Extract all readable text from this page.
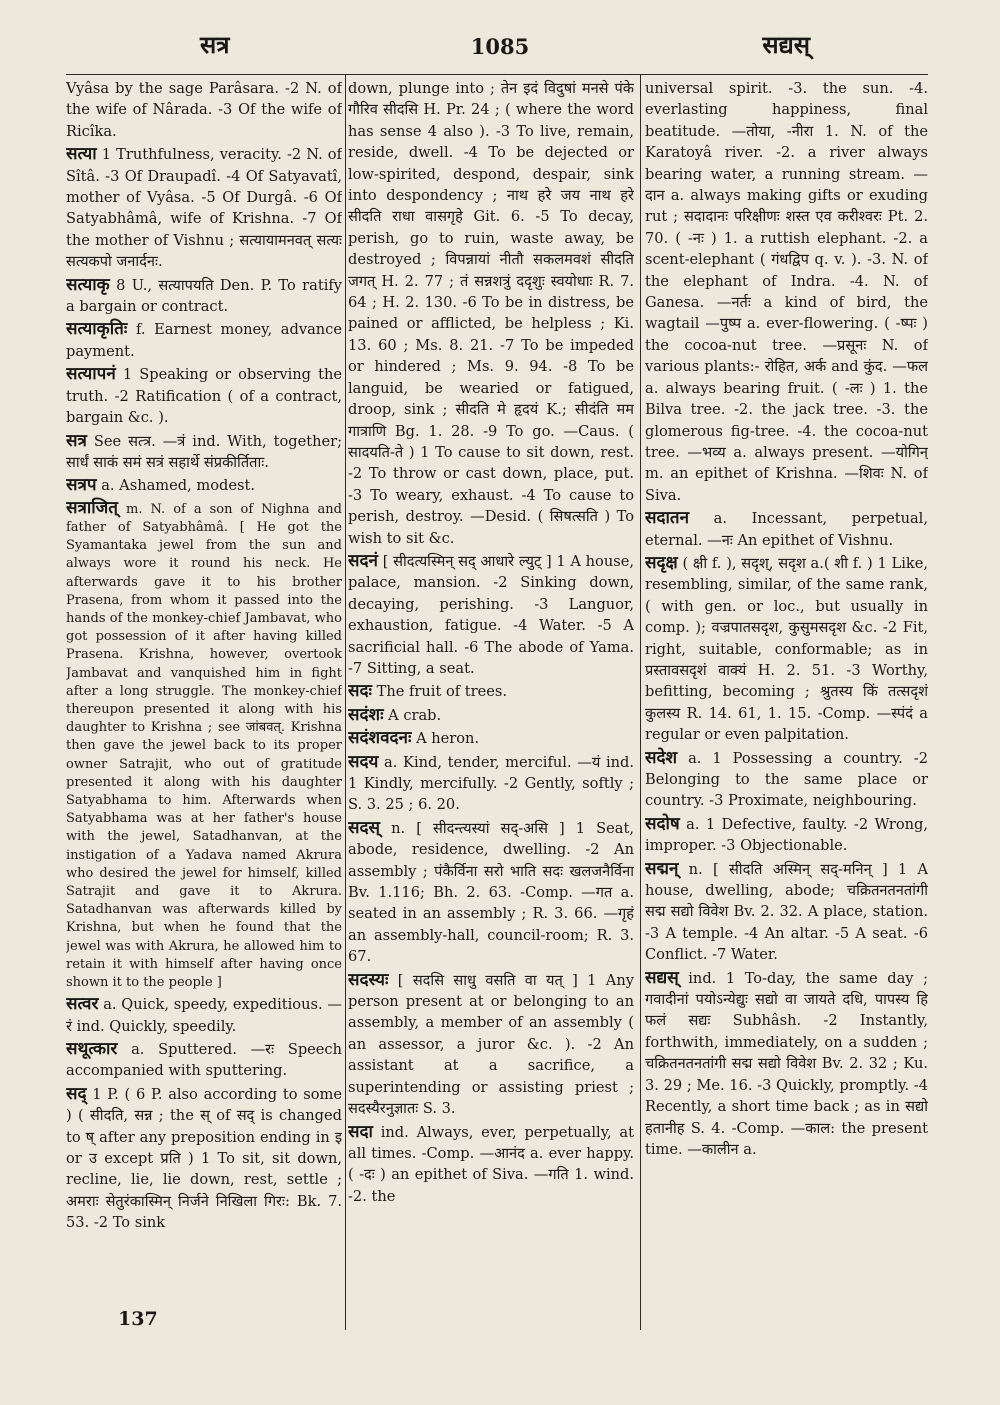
सत्र	1085	सद्यस्

Vyâsa by the sage Parâsara. -2 N. of the wife of Nârada. -3 Of the wife of Ricîka.

सत्या 1 Truthfulness, veracity. -2 N. of Sîtâ. -3 Of Draupadî. -4 Of Satyavatî, mother of Vyâsa. -5 Of Durgâ. -6 Of Satyabhâmâ, wife of Krishna. -7 Of the mother of Vishnu ; सत्यायामनवत् सत्यः सत्यकपो जनार्दनः.

सत्याकृ 8 U., सत्यापयति Den. P. To ratify a bargain or contract.

सत्याकृतिः f. Earnest money, advance payment.

सत्यापनं 1 Speaking or observing the truth. -2 Ratification ( of a contract, bargain &c. ).

सत्र See सत्त्र. —त्रं ind. With, together; सार्धं साकं समं सत्रं सहार्थे संप्रकीर्तिताः.

सत्रप a. Ashamed, modest.

सत्राजित् m. N. of a son of Nighna and father of Satyabhâmâ. [ He got the Syamantaka jewel from the sun and always wore it round his neck. He afterwards gave it to his brother Prasena, from whom it passed into the hands of the monkey-chief Jambavat, who got possession of it after having killed Prasena. Krishna, however, overtook Jambavat and vanquished him in fight after a long struggle. The monkey-chief thereupon presented it along with his daughter to Krishna ; see जांबवत्. Krishna then gave the jewel back to its proper owner Satrajit, who out of gratitude presented it along with his daughter Satyabhama to him. Afterwards when Satyabhama was at her father's house with the jewel, Satadhanvan, at the instigation of a Yadava named Akrura who desired the jewel for himself, killed Satrajit and gave it to Akrura. Satadhanvan was afterwards killed by Krishna, but when he found that the jewel was with Akrura, he allowed him to retain it with himself after having once shown it to the people ]

सत्वर a. Quick, speedy, expeditious. —रं ind. Quickly, speedily.

सथूत्कार a. Sputtered. —रः Speech accompanied with sputtering.

सद् 1 P. ( 6 P. also according to some ) ( सीदति, सन्न ; the स् of सद् is changed to ष् after any preposition ending in इ or उ except प्रति ) 1 To sit, sit down, recline, lie, lie down, rest, settle ; अमराः सेतुरंकास्मिन् निर्जने निखिला गिरः: Bk. 7. 53. -2 To sink

down, plunge into ; तेन इदं विदुषां मनसे पंके गौरिव सीदसि H. Pr. 24 ; ( where the word has sense 4 also ). -3 To live, remain, reside, dwell. -4 To be dejected or low-spirited, despond, despair, sink into despondency ; नाथ हरे जय नाथ हरे सीदति राधा वासगृहे Git. 6. -5 To decay, perish, go to ruin, waste away, be destroyed ; विपन्नायां नीतौ सकलमवशं सीदति जगत् H. 2. 77 ; तं सन्नशत्रुं ददृशुः स्वयोधाः R. 7. 64 ; H. 2. 130. -6 To be in distress, be pained or afflicted, be helpless ; Ki. 13. 60 ; Ms. 8. 21. -7 To be impeded or hindered ; Ms. 9. 94. -8 To be languid, be wearied or fatigued, droop, sink ; सीदति मे हृदयं K.; सीदंति मम गात्राणि Bg. 1. 28. -9 To go. —Caus. ( सादयति-ते ) 1 To cause to sit down, rest. -2 To throw or cast down, place, put. -3 To weary, exhaust. -4 To cause to perish, destroy. —Desid. ( सिषत्सति ) To wish to sit &c.

सदनं [ सीदत्यस्मिन् सद् आधारे ल्युट् ] 1 A house, palace, mansion. -2 Sinking down, decaying, perishing. -3 Languor, exhaustion, fatigue. -4 Water. -5 A sacrificial hall. -6 The abode of Yama. -7 Sitting, a seat.

सदः The fruit of trees.

सदंशः A crab.

सदंशवदनः A heron.

सदय a. Kind, tender, merciful. —यं ind. 1 Kindly, mercifully. -2 Gently, softly ; S. 3. 25 ; 6. 20.

सदस् n. [ सीदन्त्यस्यां सद्-असि ] 1 Seat, abode, residence, dwelling. -2 An assembly ; पंकैर्विना सरो भाति सदः खलजनैर्विना Bv. 1.116; Bh. 2. 63. -Comp. —गत a. seated in an assembly ; R. 3. 66. —गृहं an assembly-hall, council-room; R. 3. 67.

सदस्यः [ सदसि साधु वसति वा यत् ] 1 Any person present at or belonging to an assembly, a member of an assembly ( an assessor, a juror &c. ). -2 An assistant at a sacrifice, a superintending or assisting priest ; सदस्यैरनुज्ञातः S. 3.

सदा ind. Always, ever, perpetually, at all times. -Comp. —आनंद a. ever happy. ( -दः ) an epithet of Siva. —गति 1. wind. -2. the

universal spirit. -3. the sun. -4. everlasting happiness, final beatitude. —तोया, -नीरा 1. N. of the Karatoyâ river. -2. a river always bearing water, a running stream. —दान a. always making gifts or exuding rut ; सदादानः परिक्षीणः शस्त एव करीश्वरः Pt. 2. 70. ( -नः ) 1. a ruttish elephant. -2. a scent-elephant ( गंधद्विप q. v. ). -3. N. of the elephant of Indra. -4. N. of Ganesa. —नर्तः a kind of bird, the wagtail —पुष्प a. ever-flowering. ( -ष्पः ) the cocoa-nut tree. —प्रसूनः N. of various plants:- रोहित, अर्क and कुंद. —फल a. always bearing fruit. ( -लः ) 1. the Bilva tree. -2. the jack tree. -3. the glomerous fig-tree. -4. the cocoa-nut tree. —भव्य a. always present. —योगिन् m. an epithet of Krishna. —शिवः N. of Siva.

सदातन a. Incessant, perpetual, eternal. —नः An epithet of Vishnu.

सदृक्ष ( क्षी f. ), सदृश्, सदृश a.( शी f. ) 1 Like, resembling, similar, of the same rank, ( with gen. or loc., but usually in comp. ); वज्रपातसदृश, कुसुमसदृश &c. -2 Fit, right, suitable, conformable; as in प्रस्तावसदृशं वाक्यं H. 2. 51. -3 Worthy, befitting, becoming ; श्रुतस्य किं तत्सदृशं कुलस्य R. 14. 61, 1. 15. -Comp. —स्पंदं a regular or even palpitation.

सदेश a. 1 Possessing a country. -2 Belonging to the same place or country. -3 Proximate, neighbouring.

सदोष a. 1 Defective, faulty. -2 Wrong, improper. -3 Objectionable.

सद्मन् n. [ सीदति अस्मिन् सद्-मनिन् ] 1 A house, dwelling, abode; चक्रितनतनतांगी सद्म सद्यो विवेश Bv. 2. 32. A place, station. -3 A temple. -4 An altar. -5 A seat. -6 Conflict. -7 Water.

सद्यस् ind. 1 To-day, the same day ; गवादीनां पयोऽन्येद्युः सद्यो वा जायते दधि, पापस्य हि फलं सद्यः Subhâsh. -2 Instantly, forthwith, immediately, on a sudden ; चक्रितनतनतांगी सद्म सद्यो विवेश Bv. 2. 32 ; Ku. 3. 29 ; Me. 16. -3 Quickly, promptly. -4 Recently, a short time back ; as in सद्यो हतानीह S. 4. -Comp. —काल: the present time. —कालीन a.

137
